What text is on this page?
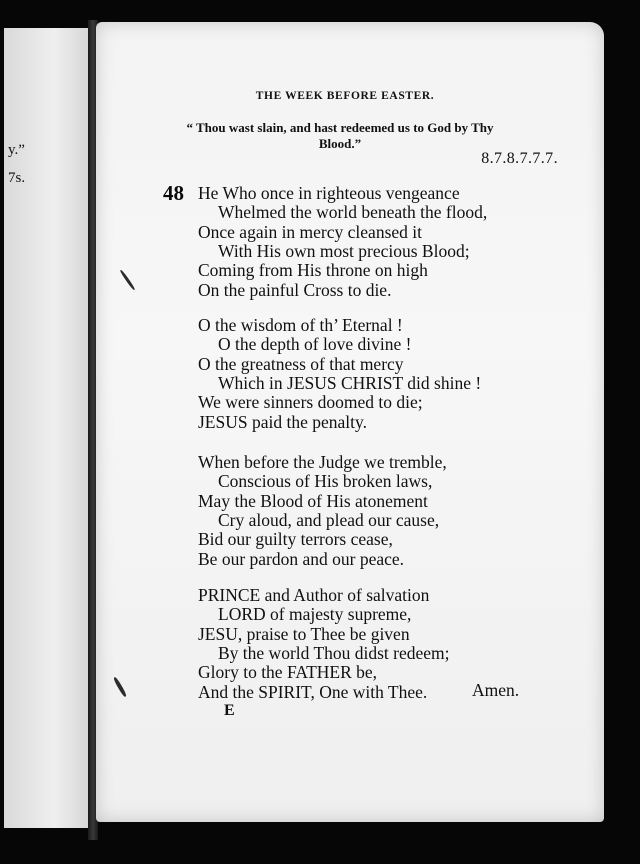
y.”
7s.
THE WEEK BEFORE EASTER.
“ Thou wast slain, and hast redeemed us to God by Thy
Blood.”
8.7.8.7.7.7.
48 He Who once in righteous vengeance
Whelmed the world beneath the flood,
Once again in mercy cleansed it
With His own most precious Blood;
Coming from His throne on high
On the painful Cross to die.
O the wisdom of th’ Eternal !
O the depth of love divine !
O the greatness of that mercy
Which in JESUS CHRIST did shine !
We were sinners doomed to die;
JESUS paid the penalty.
When before the Judge we tremble,
Conscious of His broken laws,
May the Blood of His atonement
Cry aloud, and plead our cause,
Bid our guilty terrors cease,
Be our pardon and our peace.
PRINCE and Author of salvation
LORD of majesty supreme,
JESU, praise to Thee be given
By the world Thou didst redeem;
Glory to the FATHER be,
And the SPIRIT, One with Thee.	Amen.
E
